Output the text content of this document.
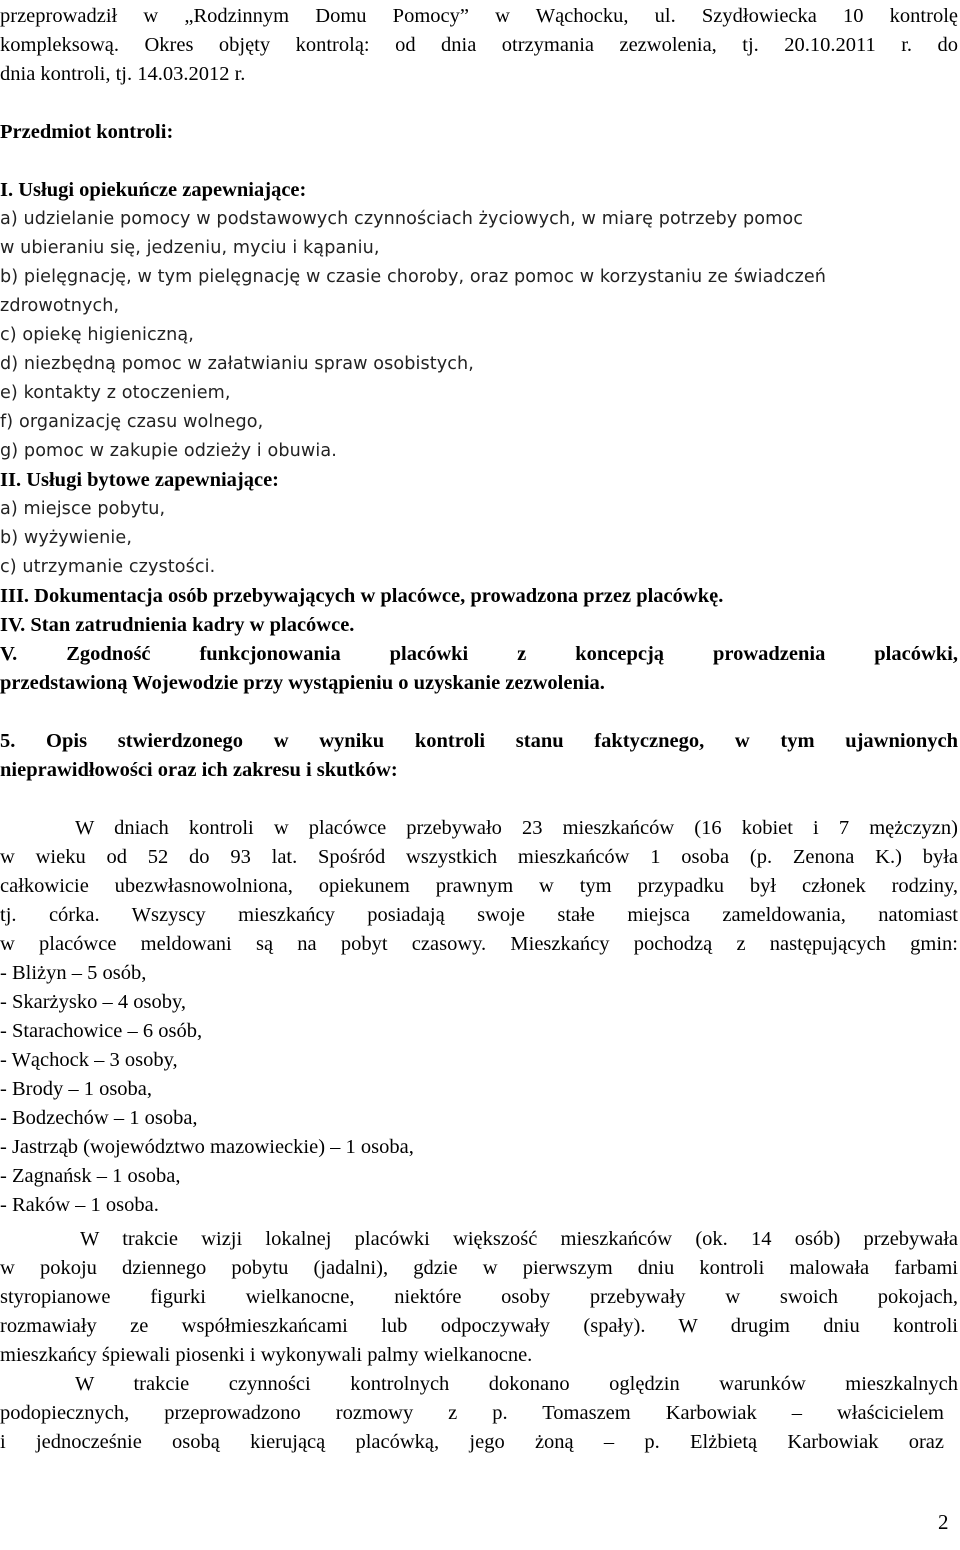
przeprowadził w „Rodzinnym Domu Pomocy” w Wąchocku, ul. Szydłowiecka 10 kontrolę
kompleksową. Okres objęty kontrolą: od dnia otrzymania zezwolenia, tj. 20.10.2011 r. do
dnia kontroli, tj. 14.03.2012 r.
Przedmiot kontroli:
I. Usługi opiekuńcze zapewniające:
a) udzielanie pomocy w podstawowych czynnościach życiowych, w miarę potrzeby pomoc
w ubieraniu się, jedzeniu, myciu i kąpaniu,
b) pielęgnację, w tym pielęgnację w czasie choroby, oraz pomoc w korzystaniu ze świadczeń
zdrowotnych,
c) opiekę higieniczną,
d) niezbędną pomoc w załatwianiu spraw osobistych,
e) kontakty z otoczeniem,
f) organizację czasu wolnego,
g) pomoc w zakupie odzieży i obuwia.
II. Usługi bytowe zapewniające:
a) miejsce pobytu,
b) wyżywienie,
c) utrzymanie czystości.
III. Dokumentacja osób przebywających w placówce, prowadzona przez placówkę.
IV. Stan zatrudnienia kadry w placówce.
V. Zgodność funkcjonowania placówki z koncepcją prowadzenia placówki,
przedstawioną Wojewodzie przy wystąpieniu o uzyskanie zezwolenia.
5. Opis stwierdzonego w wyniku kontroli stanu faktycznego, w tym ujawnionych
nieprawidłowości oraz ich zakresu i skutków:
W dniach kontroli w placówce przebywało 23 mieszkańców (16 kobiet i 7 mężczyzn)
w wieku od 52 do 93 lat. Spośród wszystkich mieszkańców 1 osoba (p. Zenona K.) była
całkowicie ubezwłasnowolniona, opiekunem prawnym w tym przypadku był członek rodziny,
tj. córka. Wszyscy mieszkańcy posiadają swoje stałe miejsca zameldowania, natomiast
w placówce meldowani są na pobyt czasowy. Mieszkańcy pochodzą z następujących gmin:
- Bliżyn – 5 osób,
- Skarżysko – 4 osoby,
- Starachowice – 6 osób,
- Wąchock – 3 osoby,
- Brody – 1 osoba,
- Bodzechów – 1 osoba,
- Jastrząb (województwo mazowieckie) – 1 osoba,
- Zagnańsk – 1 osoba,
- Raków – 1 osoba.
W trakcie wizji lokalnej placówki większość mieszkańców (ok. 14 osób) przebywała
w pokoju dziennego pobytu (jadalni), gdzie w pierwszym dniu kontroli malowała farbami
styropianowe figurki wielkanocne, niektóre osoby przebywały w swoich pokojach,
rozmawiały ze współmieszkańcami lub odpoczywały (spały). W drugim dniu kontroli
mieszkańcy śpiewali piosenki i wykonywali palmy wielkanocne.
W trakcie czynności kontrolnych dokonano oględzin warunków mieszkalnych
podopiecznych, przeprowadzono rozmowy z p. Tomaszem Karbowiak – właścicielem
i jednocześnie osobą kierującą placówką, jego żoną – p. Elżbietą Karbowiak oraz
2
